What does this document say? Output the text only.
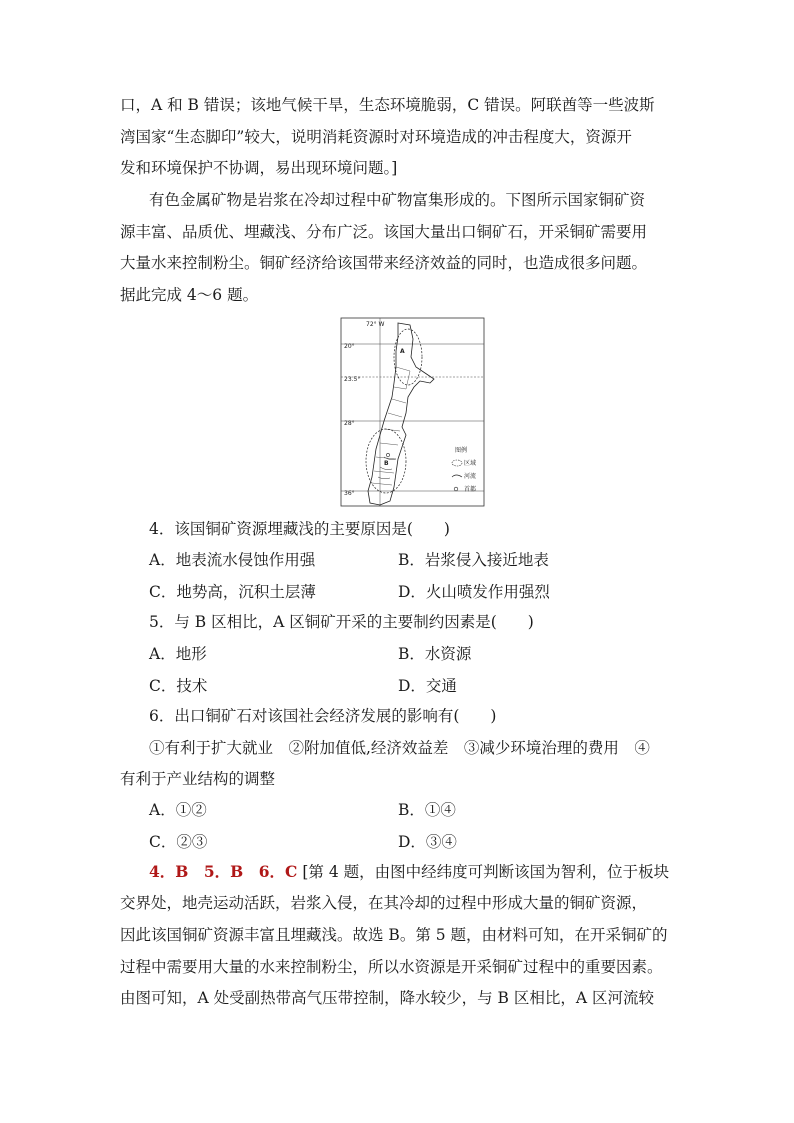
口，A 和 B 错误；该地气候干旱，生态环境脆弱，C 错误。阿联酋等一些波斯
湾国家“生态脚印”较大，说明消耗资源时对环境造成的冲击程度大，资源开
发和环境保护不协调，易出现环境问题。]
有色金属矿物是岩浆在冷却过程中矿物富集形成的。下图所示国家铜矿资
源丰富、品质优、埋藏浅、分布广泛。该国大量出口铜矿石，开采铜矿需要用
大量水来控制粉尘。铜矿经济给该国带来经济效益的同时，也造成很多问题。
据此完成 4～6 题。
72° W
20°
23.5°
28°
36°
A
B
图例
区域
河流
首都
4．该国铜矿资源埋藏浅的主要原因是(　　)
A．地表流水侵蚀作用强	B．岩浆侵入接近地表
C．地势高，沉积土层薄	D．火山喷发作用强烈
5．与 B 区相比，A 区铜矿开采的主要制约因素是(　　)
A．地形	B．水资源
C．技术	D．交通
6．出口铜矿石对该国社会经济发展的影响有(　　)
①有利于扩大就业　②附加值低,经济效益差　③减少环境治理的费用　④
有利于产业结构的调整
A．①②	B．①④
C．②③	D．③④
4．B　5．B　6．C [第 4 题，由图中经纬度可判断该国为智利，位于板块
交界处，地壳运动活跃，岩浆入侵，在其冷却的过程中形成大量的铜矿资源，
因此该国铜矿资源丰富且埋藏浅。故选 B。第 5 题，由材料可知，在开采铜矿的
过程中需要用大量的水来控制粉尘，所以水资源是开采铜矿过程中的重要因素。
由图可知，A 处受副热带高气压带控制，降水较少，与 B 区相比，A 区河流较
